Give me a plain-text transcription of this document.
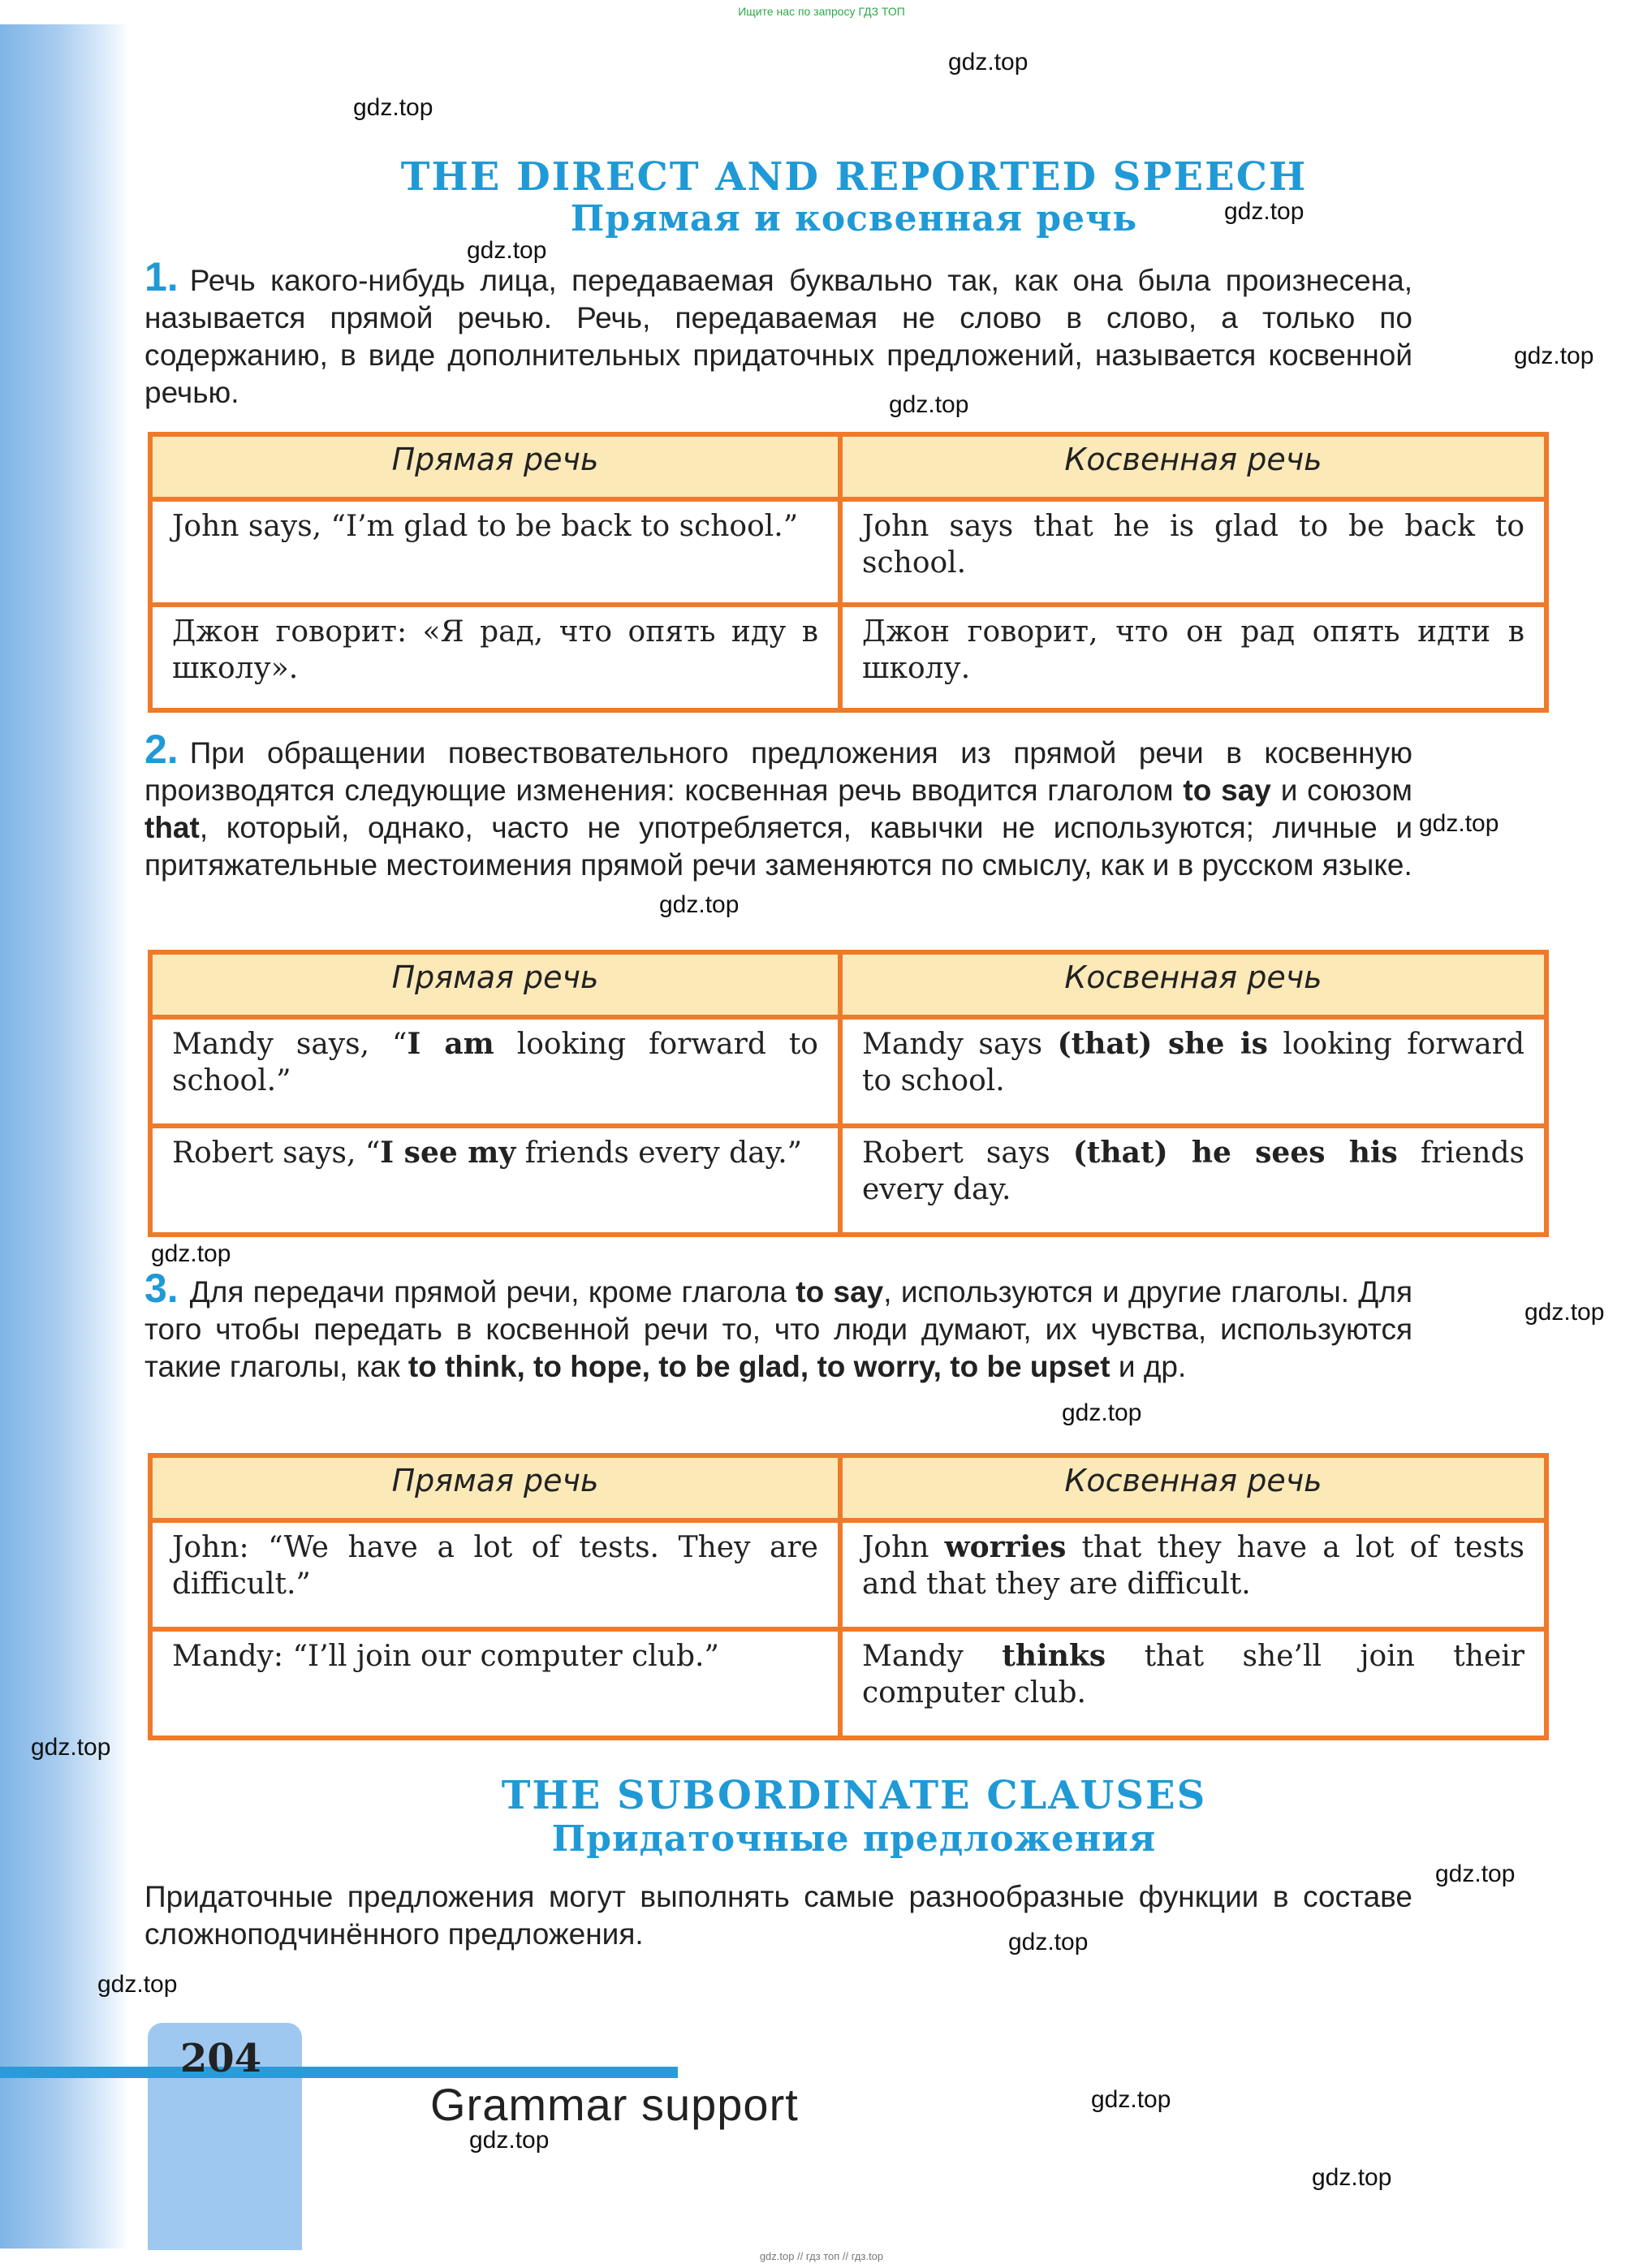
Ищите нас по запросу ГДЗ ТОП
gdz.top
gdz.top
gdz.top
gdz.top
gdz.top
gdz.top
gdz.top
gdz.top
gdz.top
gdz.top
gdz.top
gdz.top
gdz.top
gdz.top
gdz.top
gdz.top
gdz.top
gdz.top
THE DIRECT AND REPORTED SPEECH
Прямая и косвенная речь
1. Речь какого-нибудь лица, передаваемая буквально так, как она была произнесена, называется прямой речью. Речь, передаваемая не слово в слово, а только по содержанию, в виде дополнительных придаточных предложений, называется косвенной речью.
Прямая речь	Косвенная речь
John says, “I’m glad to be back to school.”	John says that he is glad to be back to school.
Джон говорит: «Я рад, что опять иду в школу».	Джон говорит, что он рад опять идти в школу.
2. При обращении повествовательного предложения из прямой речи в косвенную производятся следующие изменения: косвенная речь вводится глаголом to say и союзом that, который, однако, часто не употребляется, кавычки не используются; личные и притяжательные местоимения прямой речи заменяются по смыслу, как и в русском языке.
Прямая речь	Косвенная речь
Mandy says, “I am looking forward to school.”	Mandy says (that) she is looking forward to school.
Robert says, “I see my friends every day.”	Robert says (that) he sees his friends every day.
3. Для передачи прямой речи, кроме глагола to say, используются и другие глаголы. Для того чтобы передать в косвенной речи то, что люди думают, их чувства, используются такие глаголы, как to think, to hope, to be glad, to worry, to be upset и др.
Прямая речь	Косвенная речь
John: “We have a lot of tests. They are difficult.”	John worries that they have a lot of tests and that they are difficult.
Mandy: “I’ll join our computer club.”	Mandy thinks that she’ll join their computer club.
THE SUBORDINATE CLAUSES
Придаточные предложения
Придаточные предложения могут выполнять самые разнообразные функции в составе сложноподчинённого предложения.
204
Grammar support
gdz.top // гдз топ // гдз.top
